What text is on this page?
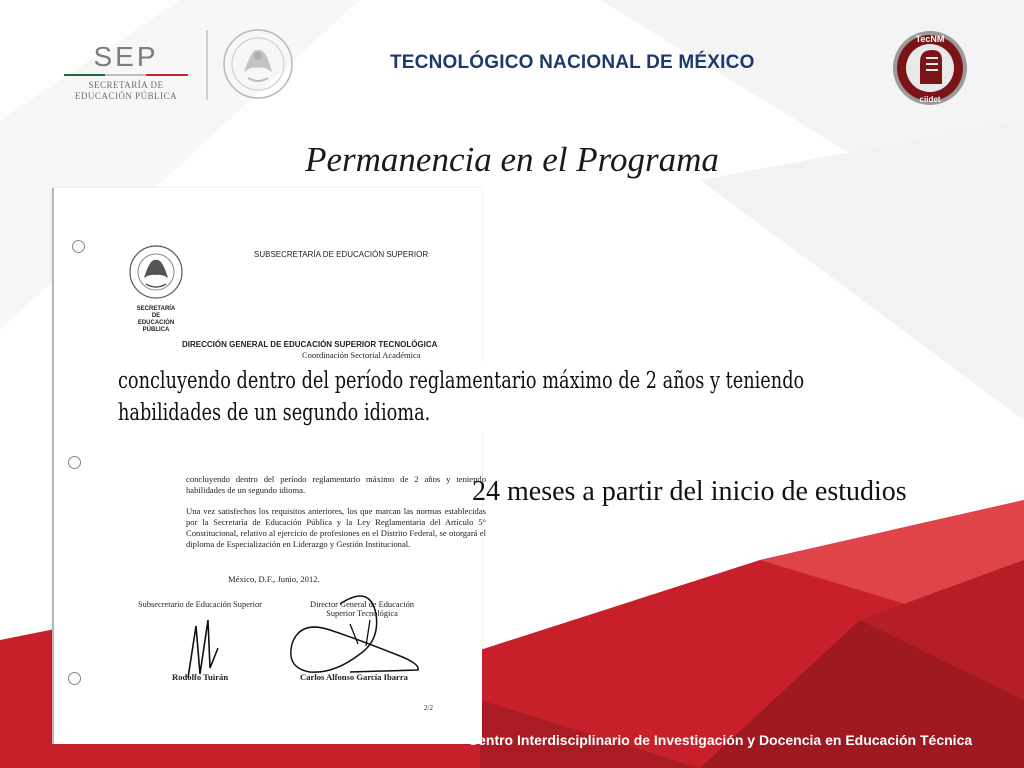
SEP
SECRETARÍA DE
EDUCACIÓN PÚBLICA
TECNOLÓGICO NACIONAL DE MÉXICO
TecNM
ciidet
Permanencia en el Programa
SECRETARÍA
DE
EDUCACIÓN PÚBLICA
SUBSECRETARÍA DE EDUCACIÓN SUPERIOR
DIRECCIÓN GENERAL DE EDUCACIÓN SUPERIOR TECNOLÓGICA
Coordinación Sectorial Académica
concluyendo dentro del período reglamentario máximo de 2 años y teniendo habilidades de un segundo idioma.
Una vez satisfechos los requisitos anteriores, los que marcan las normas establecidas por la Secretaría de Educación Pública y la Ley Reglamentaria del Artículo 5° Constitucional, relativo al ejercicio de profesiones en el Distrito Federal, se otorgará el diploma de Especialización en Liderazgo y Gestión Institucional.
México, D.F., Junio, 2012.
Subsecretario de Educación Superior	Director General de Educación
Superior Tecnológica
Rodolfo Tuirán	Carlos Alfonso García Ibarra
2/2
concluyendo dentro del período reglamentario máximo de 2 años y teniendo
habilidades de un segundo idioma.
24 meses a partir del inicio de estudios
Centro Interdisciplinario de Investigación y Docencia en Educación Técnica
